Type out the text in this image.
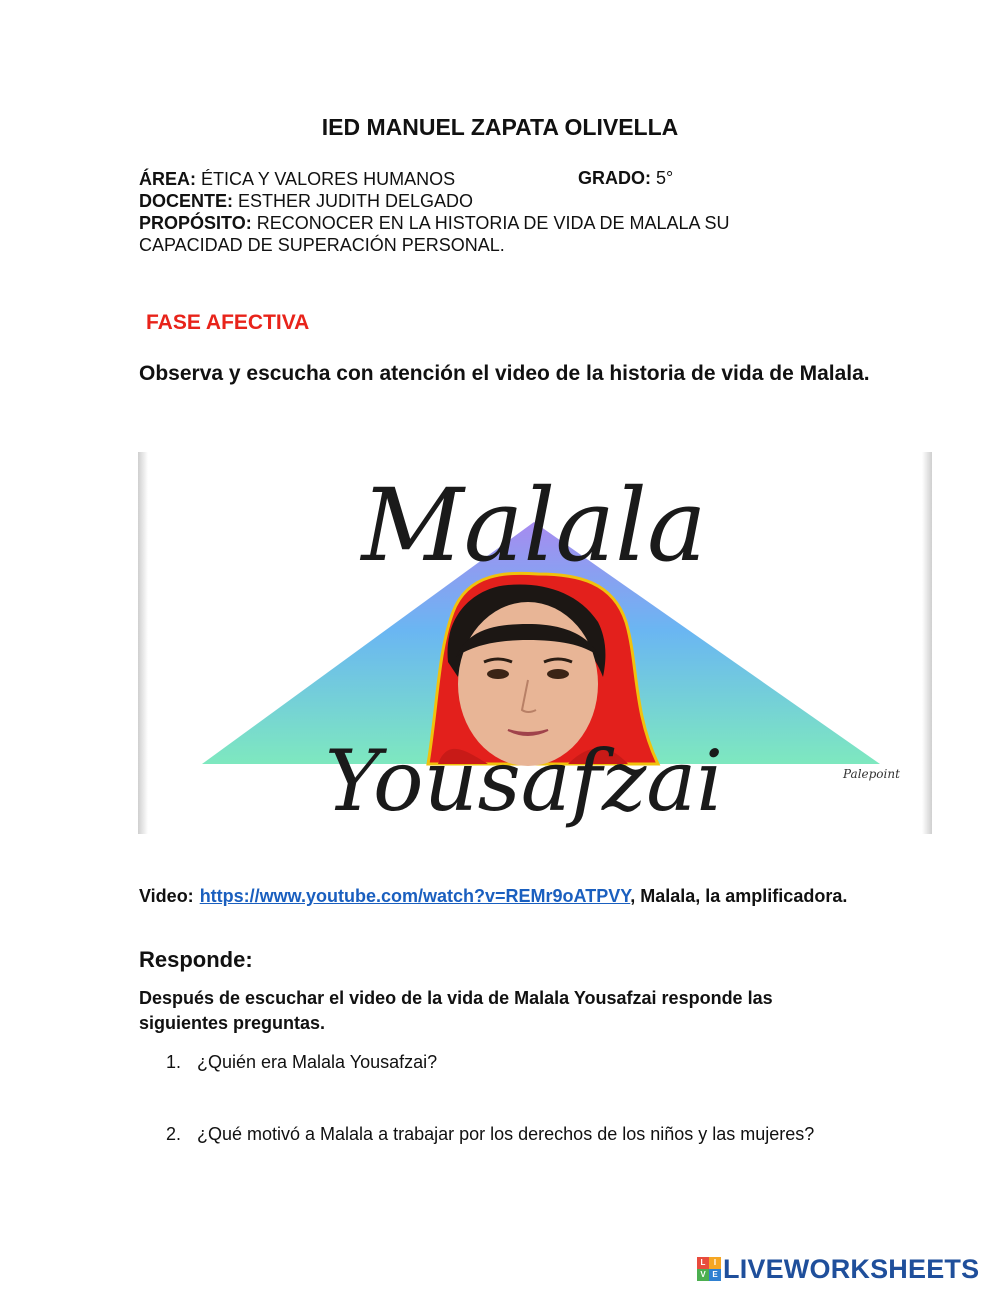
IED MANUEL ZAPATA OLIVELLA
ÁREA: ÉTICA Y VALORES HUMANOS	GRADO: 5°
DOCENTE: ESTHER JUDITH DELGADO
PROPÓSITO: RECONOCER EN LA HISTORIA DE VIDA DE MALALA SU CAPACIDAD DE SUPERACIÓN PERSONAL.
FASE AFECTIVA
Observa y escucha con atención el video de la historia de vida de Malala.
Malala
Yousafzai	Palepoint
Video: https://www.youtube.com/watch?v=REMr9oATPVY, Malala, la amplificadora.
Responde:
Después de escuchar el video de la vida de Malala Yousafzai responde las siguientes preguntas.
1. ¿Quién era Malala Yousafzai?
2. ¿Qué motivó a Malala a trabajar por los derechos de los niños y las mujeres?
L	I
V E LIVEWORKSHEETS
